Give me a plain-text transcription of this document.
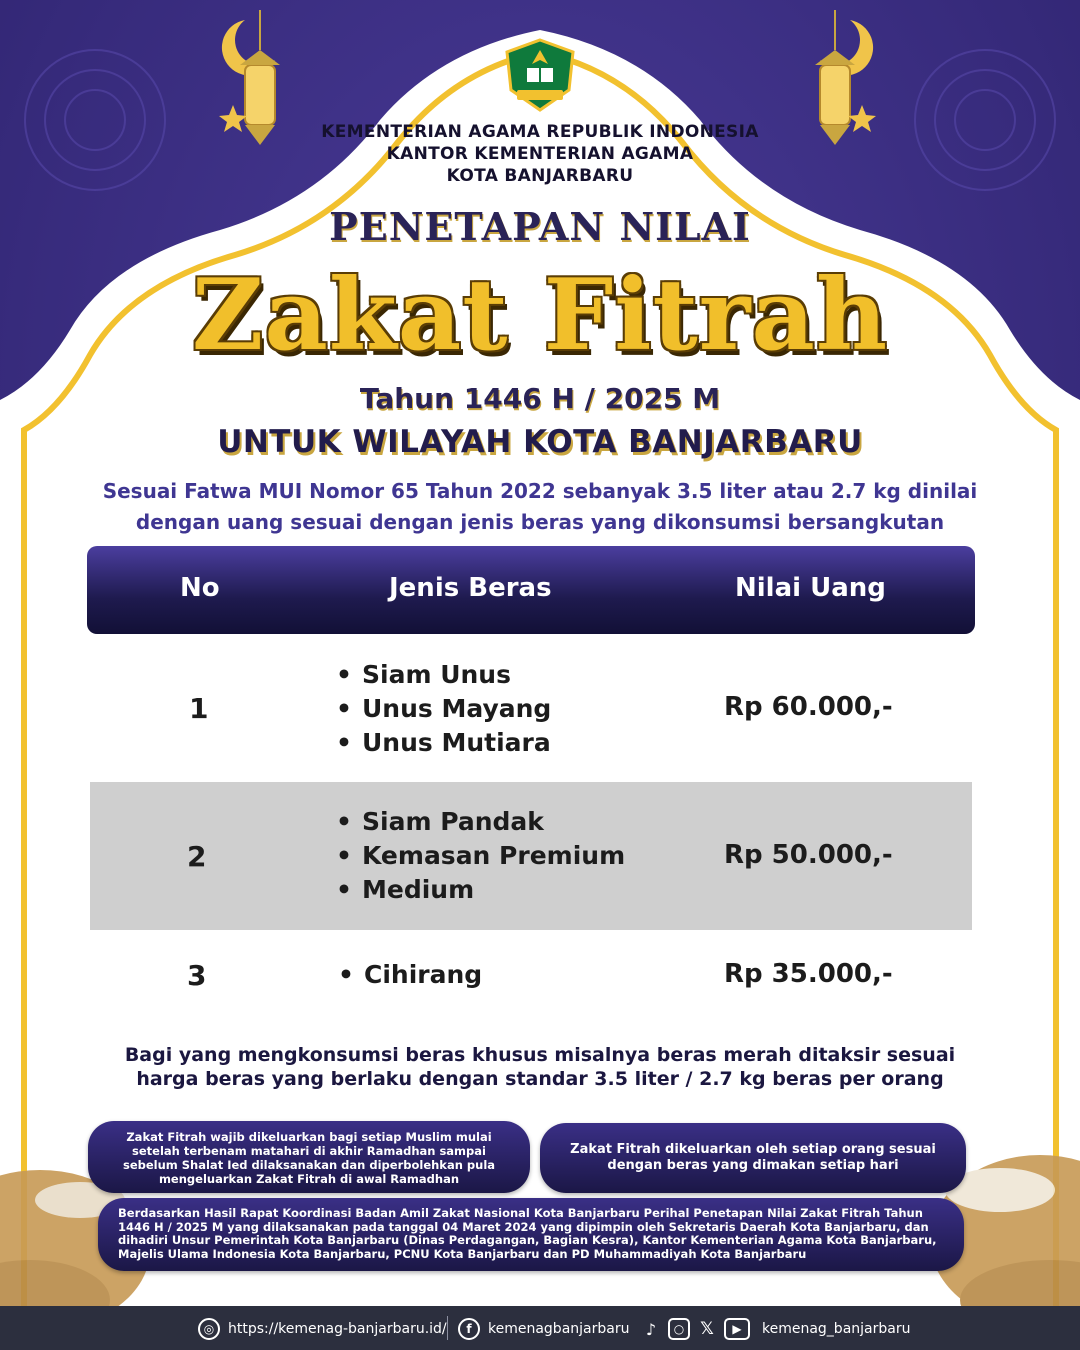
KEMENTERIAN AGAMA REPUBLIK INDONESIA
KANTOR KEMENTERIAN AGAMA
KOTA BANJARBARU
PENETAPAN NILAI
Zakat Fitrah
Tahun 1446 H / 2025 M
UNTUK WILAYAH KOTA BANJARBARU
Sesuai Fatwa MUI Nomor 65 Tahun 2022 sebanyak 3.5 liter atau 2.7 kg dinilai
dengan uang sesuai dengan jenis beras yang dikonsumsi bersangkutan
No	Jenis Beras	Nilai Uang
1
• Siam Unus
• Unus Mayang
• Unus Mutiara
Rp 60.000,-
2
• Siam Pandak
• Kemasan Premium
• Medium
Rp 50.000,-
3
•	Cihirang	Rp 35.000,-
Bagi yang mengkonsumsi beras khusus misalnya beras merah ditaksir sesuai
harga beras yang berlaku dengan standar 3.5 liter / 2.7 kg beras per orang
Zakat Fitrah wajib dikeluarkan bagi setiap Muslim mulai setelah terbenam matahari di akhir Ramadhan sampai sebelum Shalat Ied dilaksanakan dan diperbolehkan pula mengeluarkan Zakat Fitrah di awal Ramadhan
Zakat Fitrah dikeluarkan oleh setiap orang sesuai dengan beras yang dimakan setiap hari
Berdasarkan Hasil Rapat Koordinasi Badan Amil Zakat Nasional Kota Banjarbaru Perihal Penetapan Nilai Zakat Fitrah Tahun 1446 H / 2025 M yang dilaksanakan pada tanggal 04 Maret 2024 yang dipimpin oleh Sekretaris Daerah Kota Banjarbaru, dan dihadiri Unsur Pemerintah Kota Banjarbaru (Dinas Perdagangan, Bagian Kesra), Kantor Kementerian Agama Kota Banjarbaru, Majelis Ulama Indonesia Kota Banjarbaru, PCNU Kota Banjarbaru dan PD Muhammadiyah Kota Banjarbaru
◎ https://kemenag-banjarbaru.id/	f	kemenagbanjarbaru	♪	○ 𝕏	▶	kemenag_banjarbaru
